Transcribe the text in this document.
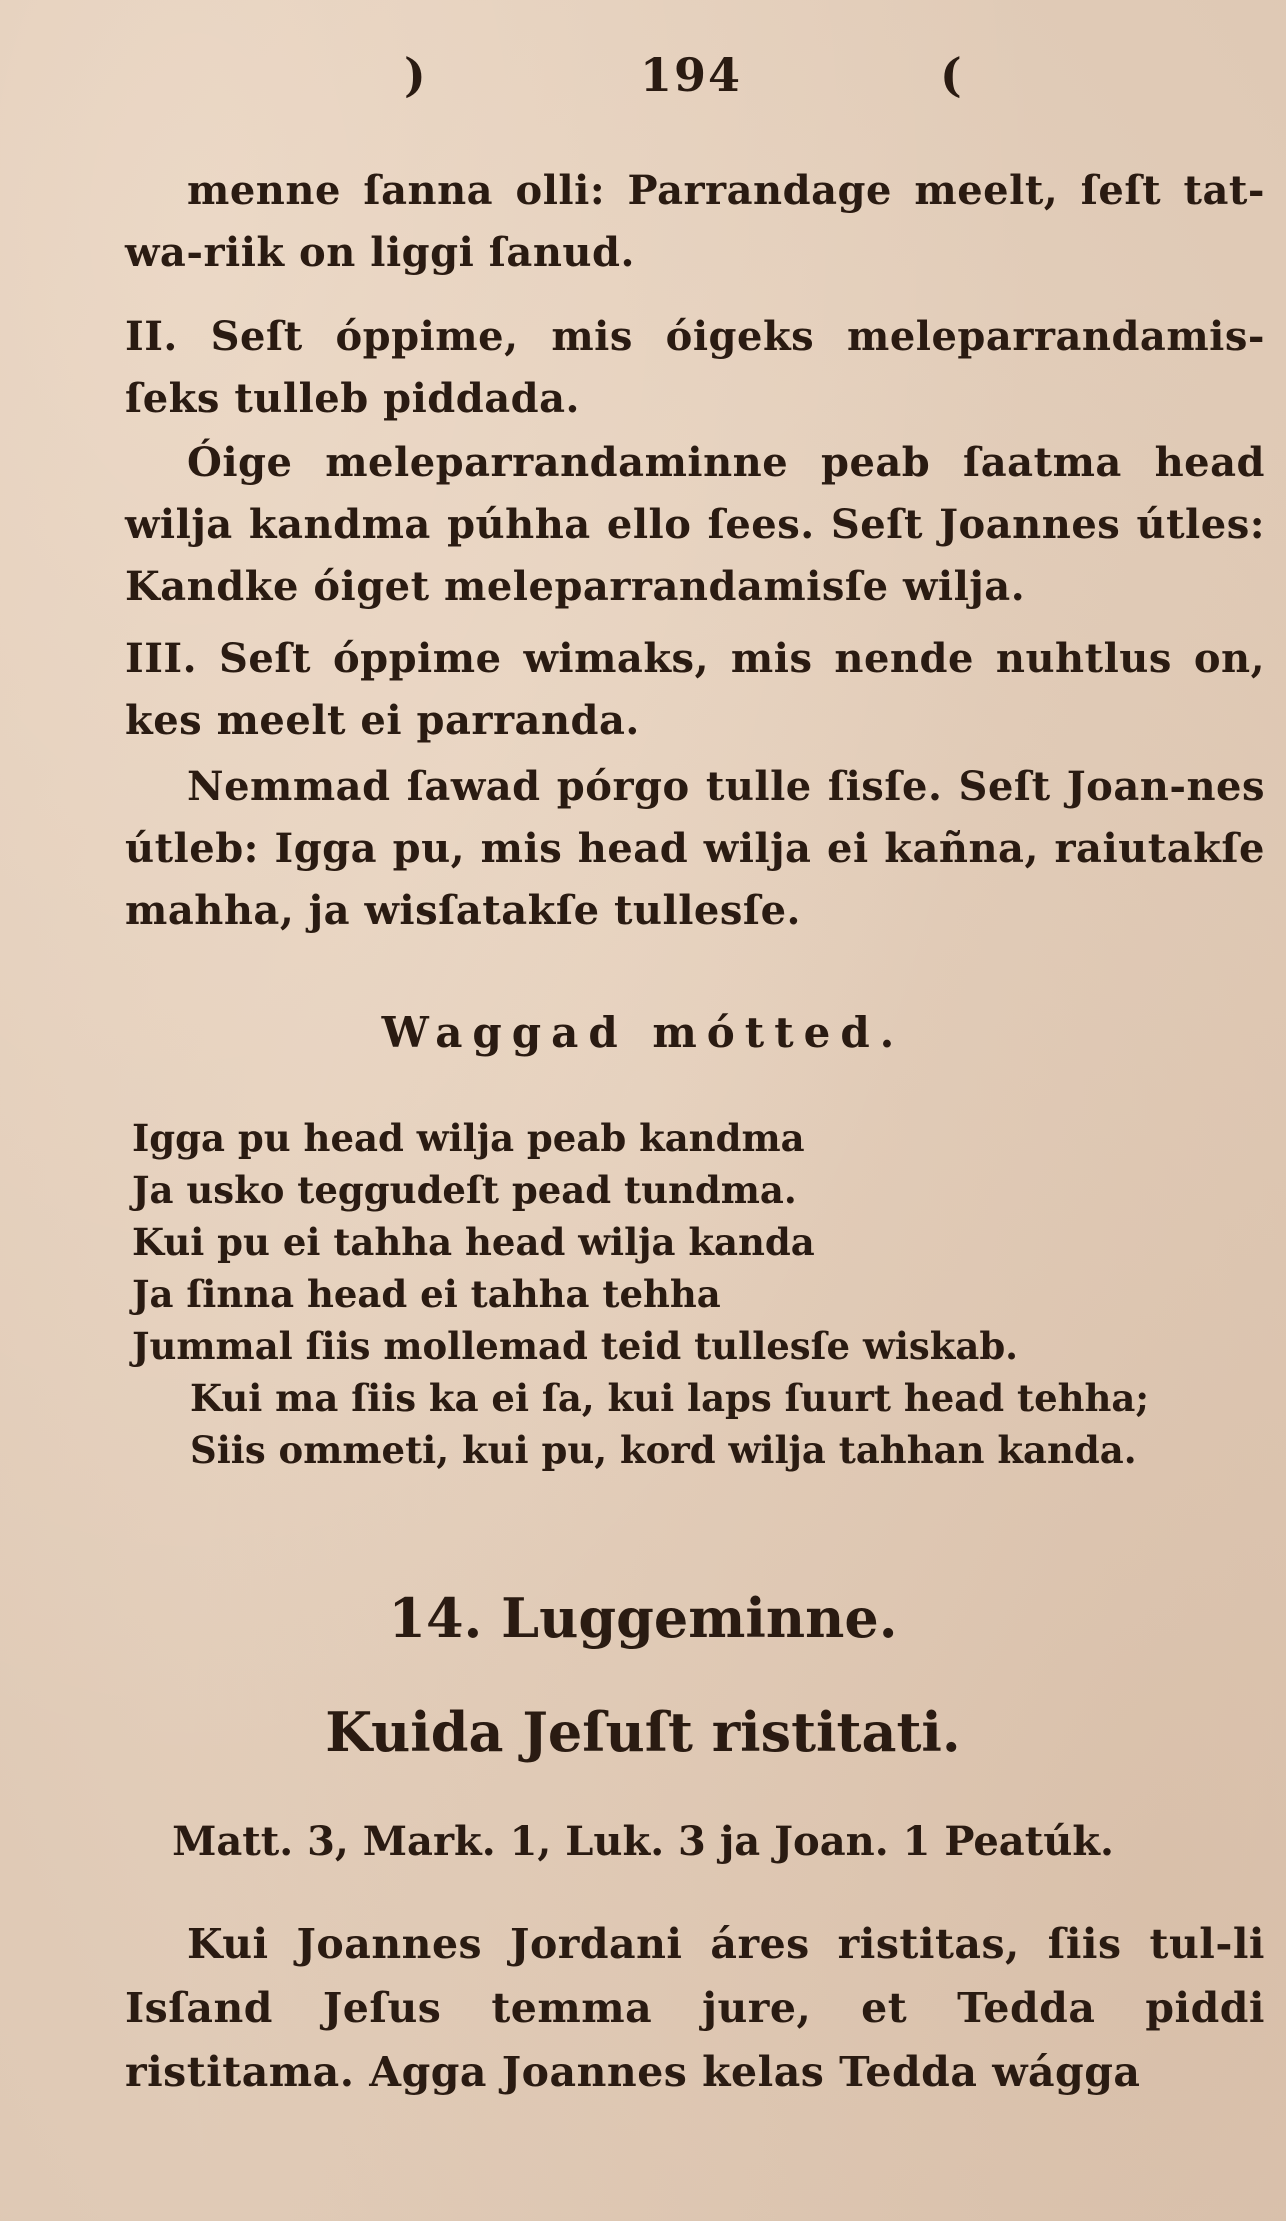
)	194	(

mennе ſanna olli: Parrandage meelt, ſeſt tat-wa-riik on liggi ſanud.

II. Seſt óppime, mis óigeks meleparrandamis-ſeks tulleb piddada.

Óige meleparrandaminne peab ſaatma head wilja kandma púhha ello ſees. Seſt Joannes útles: Kandke óiget meleparrandamisſe wilja.

III. Seſt óppime wimaks, mis nende nuhtlus on, kes meelt ei parranda.

Nemmad ſawad pórgo tulle ſisſe. Seſt Joan-nes útleb: Igga pu, mis head wilja ei kañna, raiutakſe mahha, ja wisſatakſe tullesſe.

Waggad mótted.
Igga pu head wilja peab kandma
Ja usko teggudeſt pead tundma.
Kui pu ei tahha head wilja kanda
Ja ſinna head ei tahha tehha
Jummal ſiis mollemad teid tullesſe wiskab.
Kui ma ſiis ka ei ſa, kui laps ſuurt head tehha;
Siis ommeti, kui pu, kord wilja tahhan kanda.
14. Luggeminne.
Kuida Jeſuſt ristitati.
Matt. 3, Mark. 1, Luk. 3 ja Joan. 1 Peatúk.

Kui Joannes Jordani áres ristitas, ſiis tul-li Isſand Jeſus temma jure, et Tedda piddi ristitama. Agga Joannes kelas Tedda wágga
